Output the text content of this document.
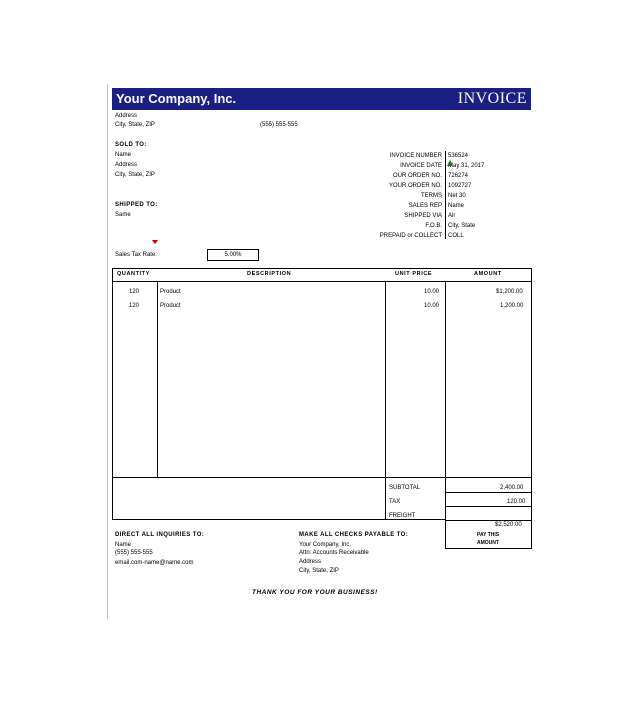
Your Company, Inc.	INVOICE
Address
City, State, ZIP	(555) 555-555
SOLD TO:
Name
Address
City, State, ZIP
SHIPPED TO:
Same
INVOICE NUMBER 536524
INVOICE DATE May 31, 2017
OUR ORDER NO. 726274
YOUR ORDER NO. 1092727
TERMS Net 30
SALES REP Name
SHIPPED VIA Air
F.O.B. City, State
PREPAID or COLLECT COLL
Sales Tax Rate:	5.00%
QUANTITY	DESCRIPTION	UNIT PRICE	AMOUNT
120	Product	10.00	$1,200.00
120	Product	10.00	1,200.00
SUBTOTAL	2,400.00
TAX	120.00
FREIGHT
$2,520.00
PAY THIS
AMOUNT
DIRECT ALL INQUIRIES TO:
Name
(555) 555-555
email.com-name@name.com
MAKE ALL CHECKS PAYABLE TO:
Your Company, Inc.
Attn: Accounts Receivable
Address
City, State, ZIP
THANK YOU FOR YOUR BUSINESS!
